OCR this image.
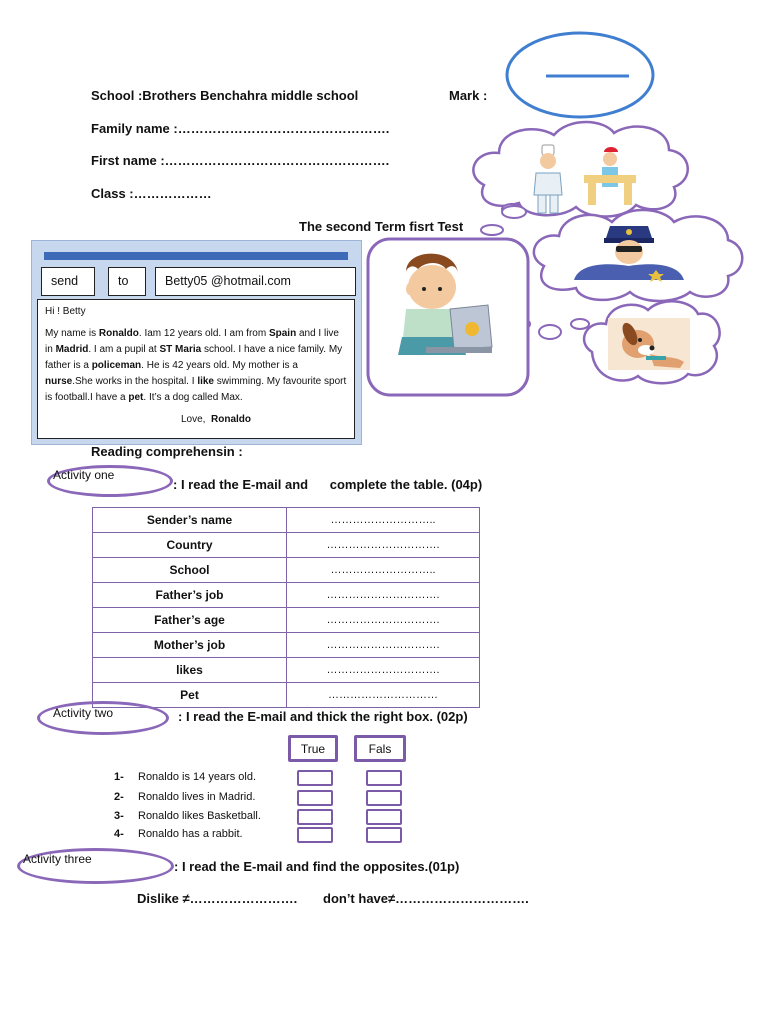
School :Brothers Benchahra middle school	Mark :
Family name :………………………………………….
First name :…………………………………………….
Class :………………
The second Term fisrt Test
send	to	Betty05 @hotmail.com

Hi ! Betty

My name is Ronaldo. Iam 12 years old. I am from Spain and I live in Madrid. I am a pupil at ST Maria school. I have a nice family. My father is a policeman. He is 42 years old. My mother is a nurse.She works in the hospital. I like swimming. My favourite sport is football.I have a pet. It’s a dog called Max.

Love, Ronaldo

Reading comprehensin :
Activity one
: I read the E-mail and      complete the table. (04p)
Sender’s name	………………………..
Country	………………………….
School	………………………..
Father’s job	………………………….
Father’s age	………………………….
Mother’s job	………………………….
likes	………………………….
Pet	…………………………
Activity two	: I read the E-mail and thick the right box. (02p)
True	Fals
1- Ronaldo is 14 years old.
2- Ronaldo lives in Madrid.
3- Ronaldo likes Basketball.
4- Ronaldo has a rabbit.
Activity three	: I read the E-mail and find the opposites.(01p)
Dislike ≠……………………. don’t have≠………………………….
